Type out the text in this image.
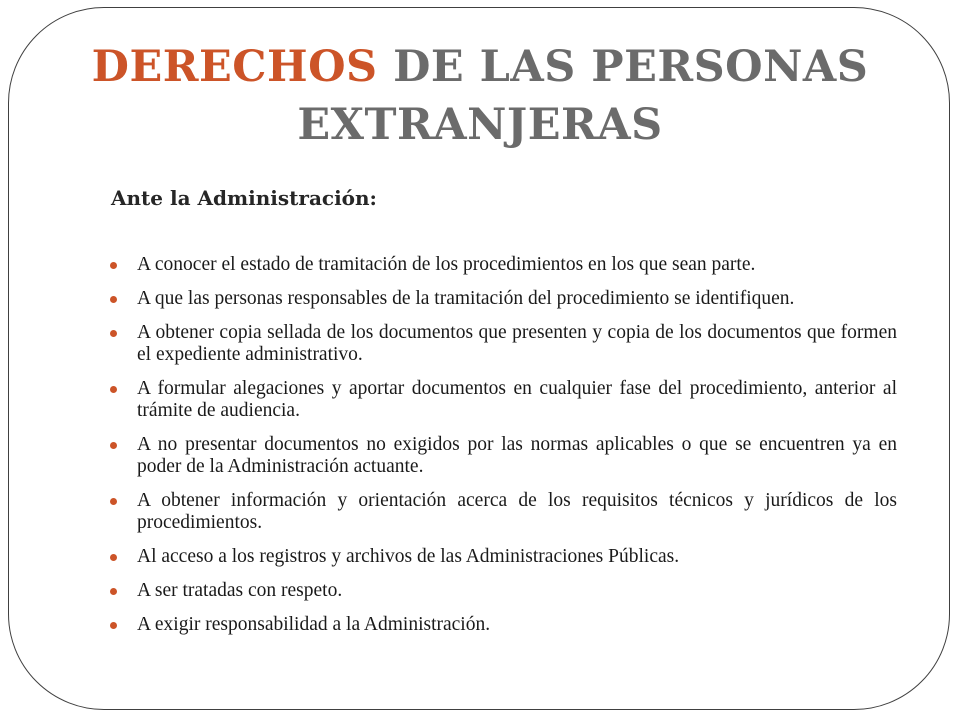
DERECHOS DE LAS PERSONAS
EXTRANJERAS
Ante la Administración:
A conocer el estado de tramitación de los procedimientos en los que sean parte.
A que las personas responsables de la tramitación del procedimiento se identifiquen.
A obtener copia sellada de los documentos que presenten y copia de los documentos que formen el expediente administrativo.
A formular alegaciones y aportar documentos en cualquier fase del procedimiento, anterior al trámite de audiencia.
A no presentar documentos no exigidos por las normas aplicables o que se encuentren ya en poder de la Administración actuante.
A obtener información y orientación acerca de los requisitos técnicos y jurídicos de los procedimientos.
Al acceso a los registros y archivos de las Administraciones Públicas.
A ser tratadas con respeto.
A exigir responsabilidad a la Administración.
